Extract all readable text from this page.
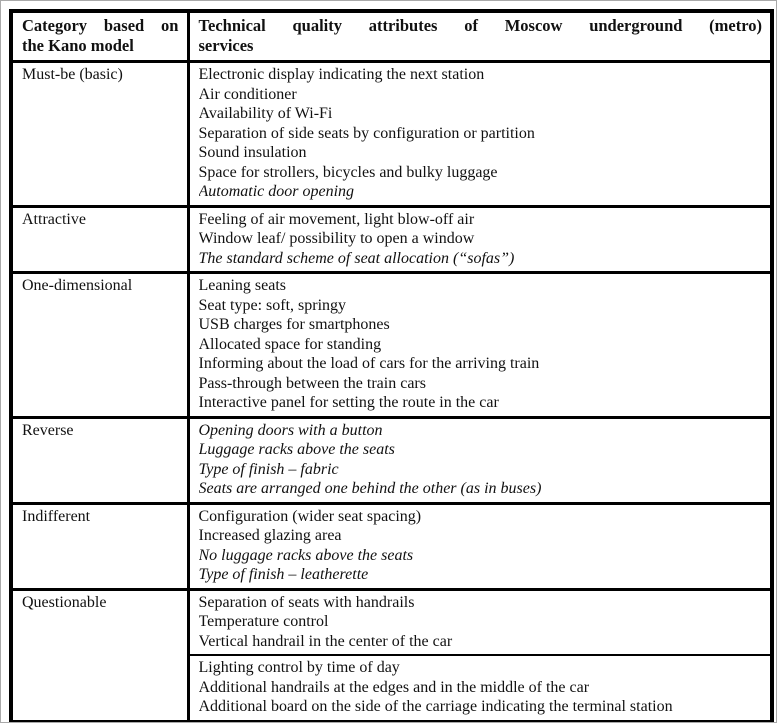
Category based on
the Kano model	Technical quality attributes of Moscow underground (metro)
services

Must-be (basic)	Electronic display indicating the next station
Air conditioner
Availability of Wi-Fi
Separation of side seats by configuration or partition
Sound insulation
Space for strollers, bicycles and bulky luggage
Automatic door opening

Attractive	Feeling of air movement, light blow-off air
Window leaf/ possibility to open a window
The standard scheme of seat allocation (“sofas”)

One-dimensional	Leaning seats
Seat type: soft, springy
USB charges for smartphones
Allocated space for standing
Informing about the load of cars for the arriving train
Pass-through between the train cars
Interactive panel for setting the route in the car

Reverse	Opening doors with a button
Luggage racks above the seats
Type of finish – fabric
Seats are arranged one behind the other (as in buses)

Indifferent	Configuration (wider seat spacing)
Increased glazing area
No luggage racks above the seats
Type of finish – leatherette

Questionable	Separation of seats with handrails
Temperature control
Vertical handrail in the center of the car

	Lighting control by time of day
Additional handrails at the edges and in the middle of the car
Additional board on the side of the carriage indicating the terminal station
